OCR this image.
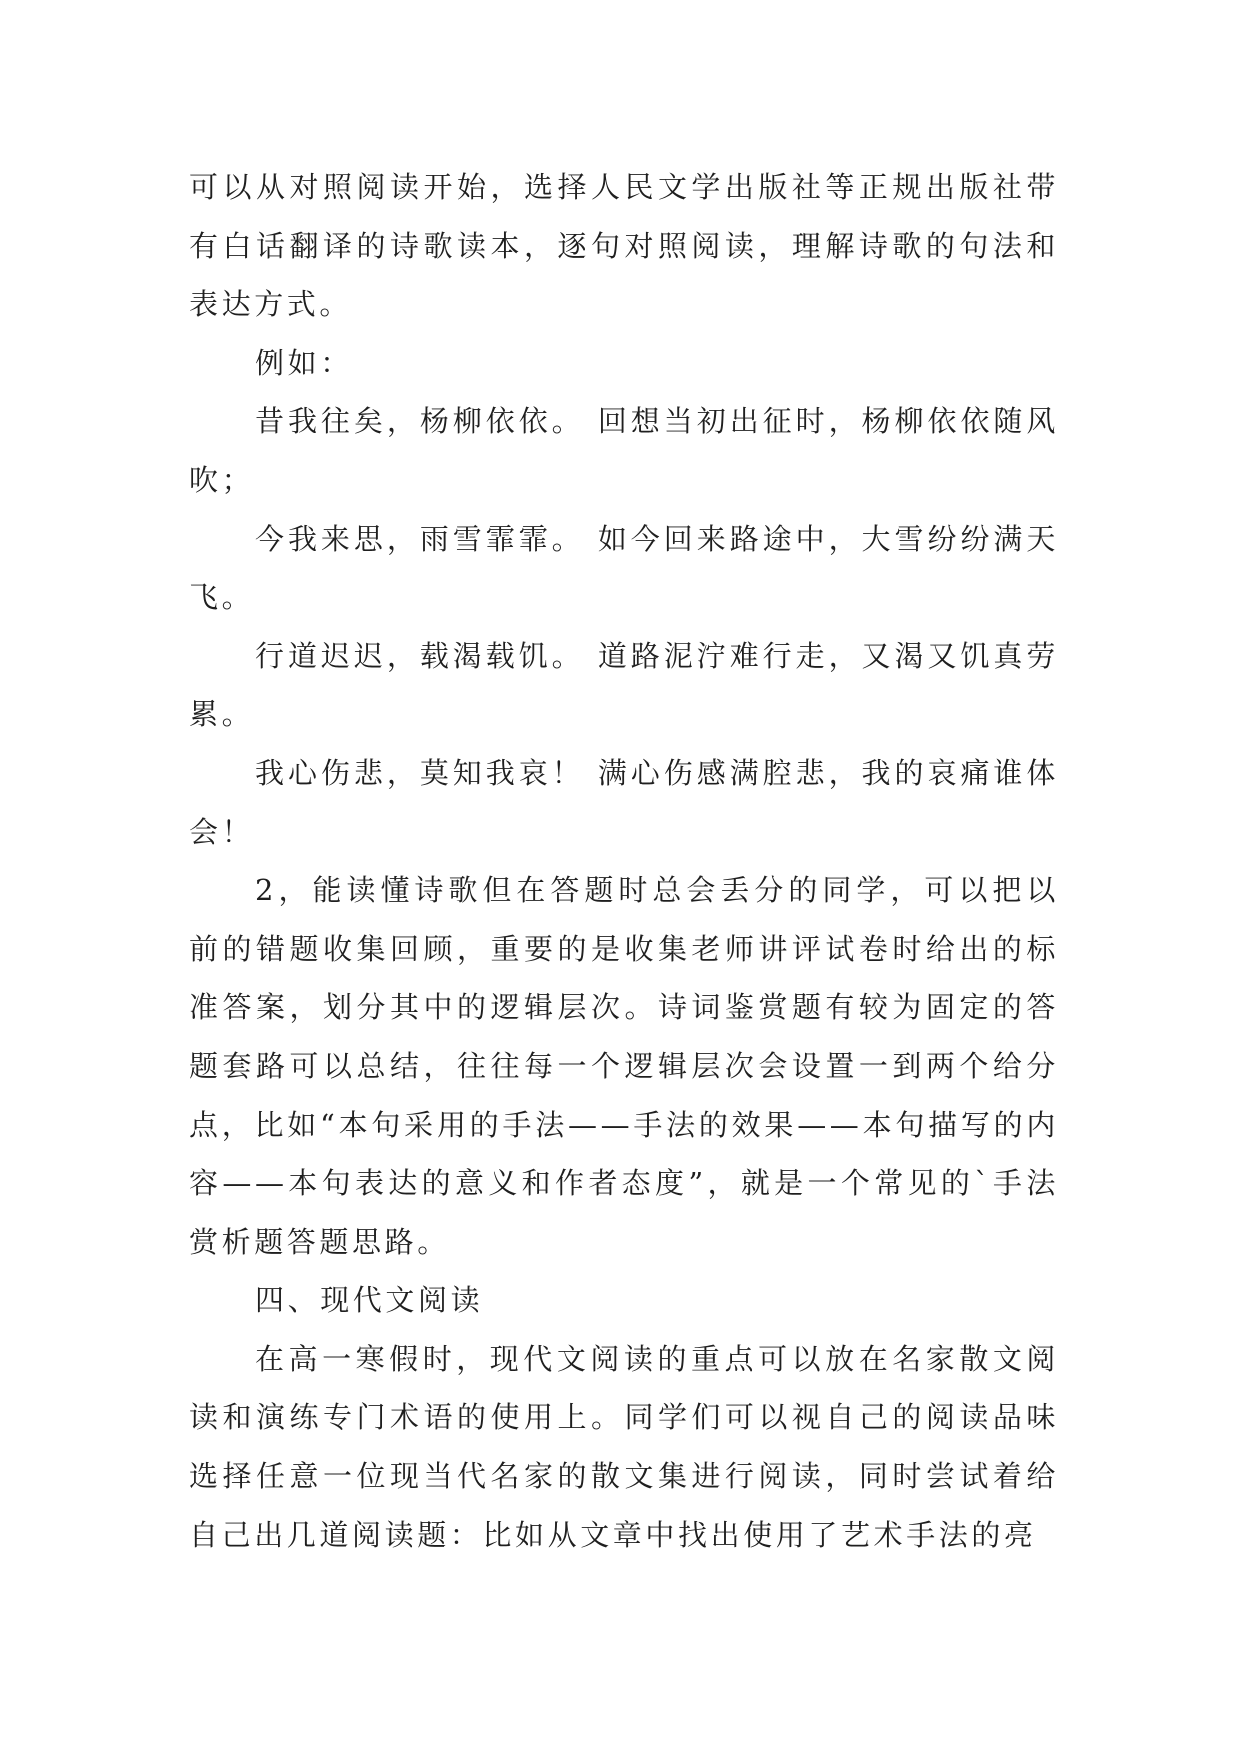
可以从对照阅读开始，选择人民文学出版社等正规出版社带有白话翻译的诗歌读本，逐句对照阅读，理解诗歌的句法和表达方式。

例如：

昔我往矣，杨柳依依。 回想当初出征时，杨柳依依随风吹；

今我来思，雨雪霏霏。 如今回来路途中，大雪纷纷满天飞。

行道迟迟，载渴载饥。 道路泥泞难行走，又渴又饥真劳累。

我心伤悲，莫知我哀！ 满心伤感满腔悲，我的哀痛谁体会！

2，能读懂诗歌但在答题时总会丢分的同学，可以把以前的错题收集回顾，重要的是收集老师讲评试卷时给出的标准答案，划分其中的逻辑层次。诗词鉴赏题有较为固定的答题套路可以总结，往往每一个逻辑层次会设置一到两个给分点，比如“本句采用的手法——手法的效果——本句描写的内容——本句表达的意义和作者态度”，就是一个常见的`手法赏析题答题思路。

四、现代文阅读

在高一寒假时，现代文阅读的重点可以放在名家散文阅读和演练专门术语的使用上。同学们可以视自己的阅读品味选择任意一位现当代名家的散文集进行阅读，同时尝试着给自己出几道阅读题：比如从文章中找出使用了艺术手法的亮
